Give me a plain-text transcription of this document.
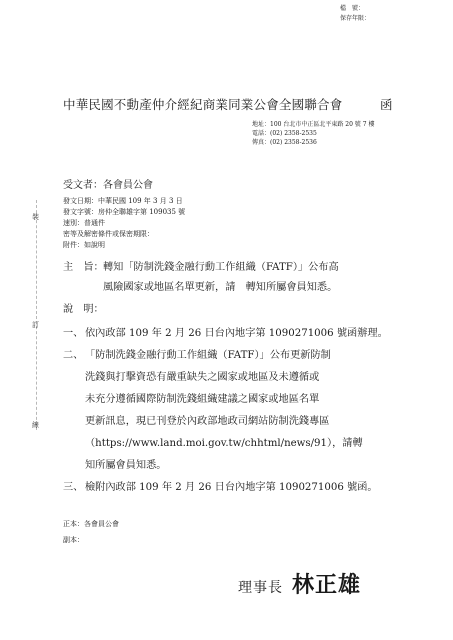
檔　號：
保存年限：
中華民國不動產仲介經紀商業同業公會全國聯合會	函
地址：100 台北市中正區北平東路 20 號 7 樓
電話：(02) 2358-2535
傳真：(02) 2358-2536
受文者：各會員公會
發文日期：中華民國 109 年 3 月 3 日
發文字號：房仲全聯雄字第 109035 號
速別：普通件
密等及解密條件或保密期限：
附件：如說明
裝
訂
線
主　旨： 轉知「防制洗錢金融行動工作組織（FATF）」公布高
風險國家或地區名單更新，請　轉知所屬會員知悉。
說　明：
一、 依內政部 109 年 2 月 26 日台內地字第 1090271006 號函辦理。
二、 「防制洗錢金融行動工作組織（FATF）」公布更新防制
洗錢與打擊資恐有嚴重缺失之國家或地區及未遵循或
未充分遵循國際防制洗錢組織建議之國家或地區名單
更新訊息，現已刊登於內政部地政司網站防制洗錢專區
（https://www.land.moi.gov.tw/chhtml/news/91），請轉
知所屬會員知悉。
三、 檢附內政部 109 年 2 月 26 日台內地字第 1090271006 號函。
正本：各會員公會
副本：
理事長 林正雄
